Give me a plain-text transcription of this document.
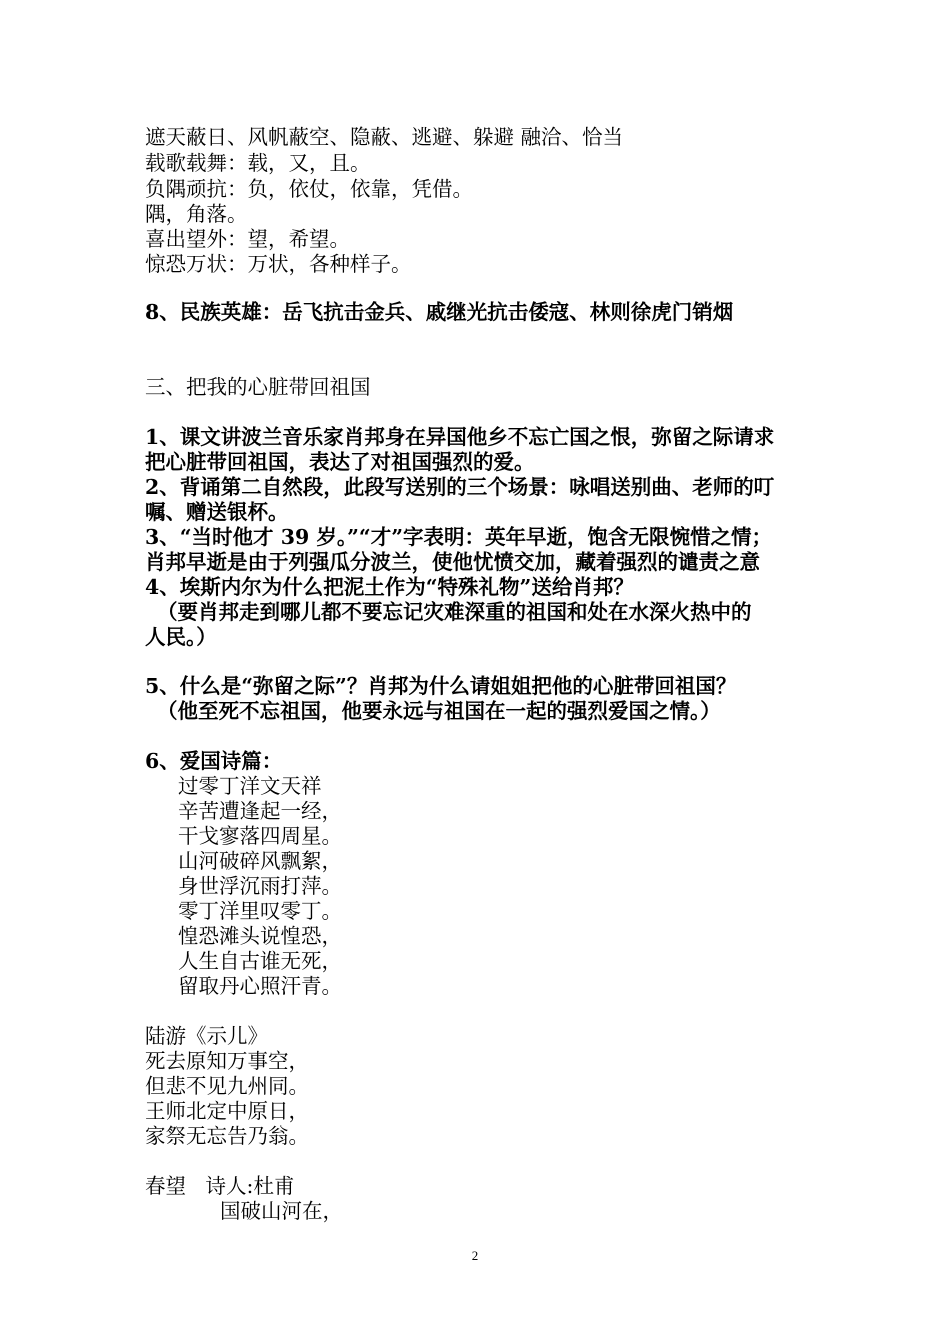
遮天蔽日、风帆蔽空、隐蔽、逃避、躲避 融洽、恰当
载歌载舞：载，又，且。
负隅顽抗：负，依仗，依靠，凭借。
隅，角落。
喜出望外：望，希望。
惊恐万状：万状，各种样子。
8、民族英雄：岳飞抗击金兵、戚继光抗击倭寇、林则徐虎门销烟
三、把我的心脏带回祖国
1、课文讲波兰音乐家肖邦身在异国他乡不忘亡国之恨，弥留之际请求
把心脏带回祖国，表达了对祖国强烈的爱。
2、背诵第二自然段，此段写送别的三个场景：咏唱送别曲、老师的叮
嘱、赠送银杯。
3、“当时他才 39 岁。”“才”字表明：英年早逝，饱含无限惋惜之情；
肖邦早逝是由于列强瓜分波兰，使他忧愤交加，藏着强烈的谴责之意
4、埃斯内尔为什么把泥土作为“特殊礼物”送给肖邦？
（要肖邦走到哪儿都不要忘记灾难深重的祖国和处在水深火热中的
人民。）
5、什么是“弥留之际”？肖邦为什么请姐姐把他的心脏带回祖国？
（他至死不忘祖国，他要永远与祖国在一起的强烈爱国之情。）
6、爱国诗篇：
过零丁洋文天祥
辛苦遭逢起一经，
干戈寥落四周星。
山河破碎风飘絮，
身世浮沉雨打萍。
零丁洋里叹零丁。
惶恐滩头说惶恐，
人生自古谁无死，
留取丹心照汗青。
陆游《示儿》
死去原知万事空，
但悲不见九州同。
王师北定中原日，
家祭无忘告乃翁。
春望   诗人:杜甫
国破山河在，
2
